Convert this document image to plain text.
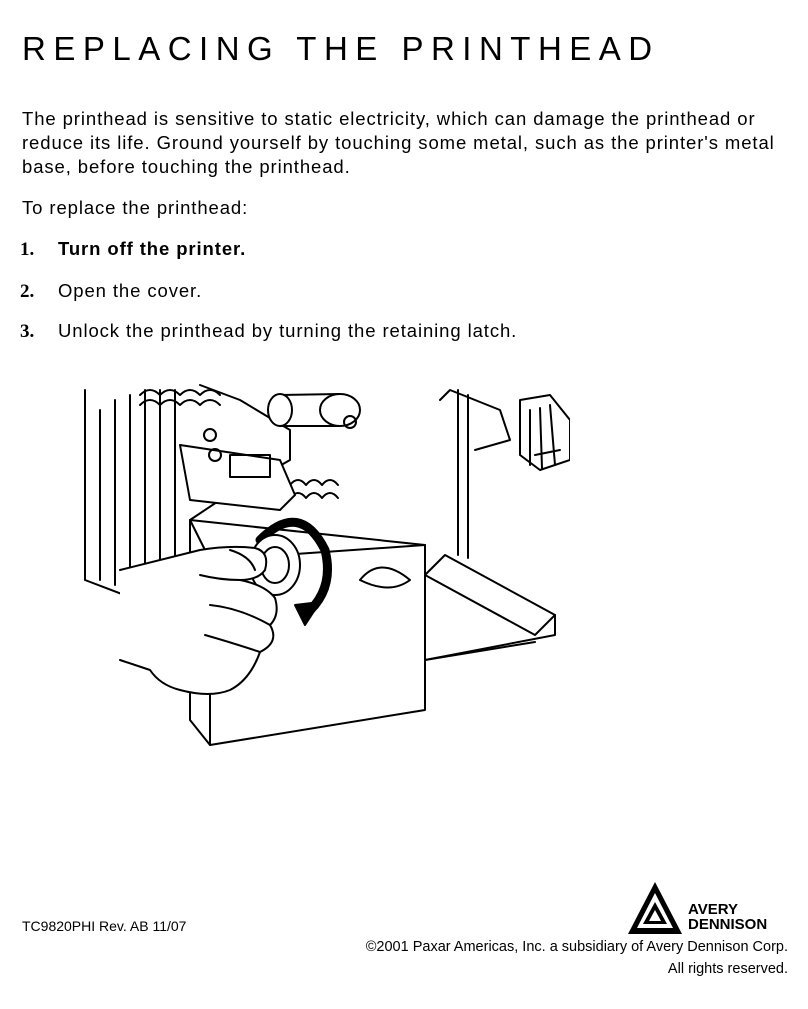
REPLACING THE PRINTHEAD

The printhead is sensitive to static electricity, which can damage the printhead or reduce its life. Ground yourself by touching some metal, such as the printer's metal base, before touching the printhead.

To replace the printhead:

1. Turn off the printer.
2. Open the cover.
3. Unlock the printhead by turning the retaining latch.
TC9820PHI Rev. AB 11/07
AVERY
DENNISON
©2001 Paxar Americas, Inc. a subsidiary of Avery Dennison Corp.
All rights reserved.
